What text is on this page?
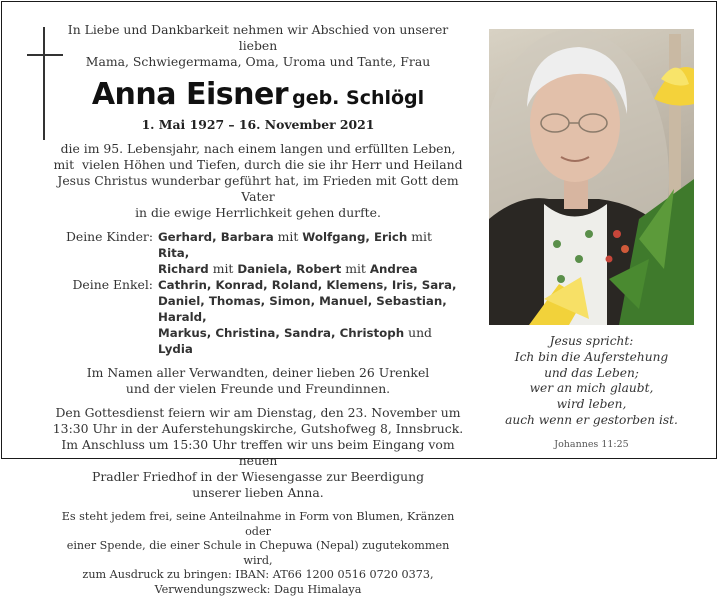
In Liebe und Dankbarkeit nehmen wir Abschied von unserer lieben
Mama, Schwiegermama, Oma, Uroma und Tante, Frau

Anna Eisner geb. Schlögl

1. Mai 1927 – 16. November 2021

die im 95. Lebensjahr, nach einem langen und erfüllten Leben,
mit  vielen Höhen und Tiefen, durch die sie ihr Herr und Heiland
Jesus Christus wunderbar geführt hat, im Frieden mit Gott dem Vater
in die ewige Herrlichkeit gehen durfte.

Deine Kinder: Gerhard, Barbara mit Wolfgang, Erich mit Rita,
Richard mit Daniela, Robert mit Andrea
Deine Enkel: Cathrin, Konrad, Roland, Klemens, Iris, Sara,
Daniel, Thomas, Simon, Manuel, Sebastian, Harald,
Markus, Christina, Sandra, Christoph und Lydia

Im Namen aller Verwandten, deiner lieben 26 Urenkel
und der vielen Freunde und Freundinnen.

Den Gottesdienst feiern wir am Dienstag, den 23. November um
13:30 Uhr in der Auferstehungskirche, Gutshofweg 8, Innsbruck.
Im Anschluss um 15:30 Uhr treffen wir uns beim Eingang vom neuen
Pradler Friedhof in der Wiesengasse zur Beerdigung
unserer lieben Anna.

Es steht jedem frei, seine Anteilnahme in Form von Blumen, Kränzen oder
einer Spende, die einer Schule in Chepuwa (Nepal) zugutekommen wird,
zum Ausdruck zu bringen: IBAN: AT66 1200 0516 0720 0373,
Verwendungszweck: Dagu Himalaya

Jesus spricht:

Ich bin die Auferstehung

und das Leben;

wer an mich glaubt,

wird leben,

auch wenn er gestorben ist.

Johannes 11:25
